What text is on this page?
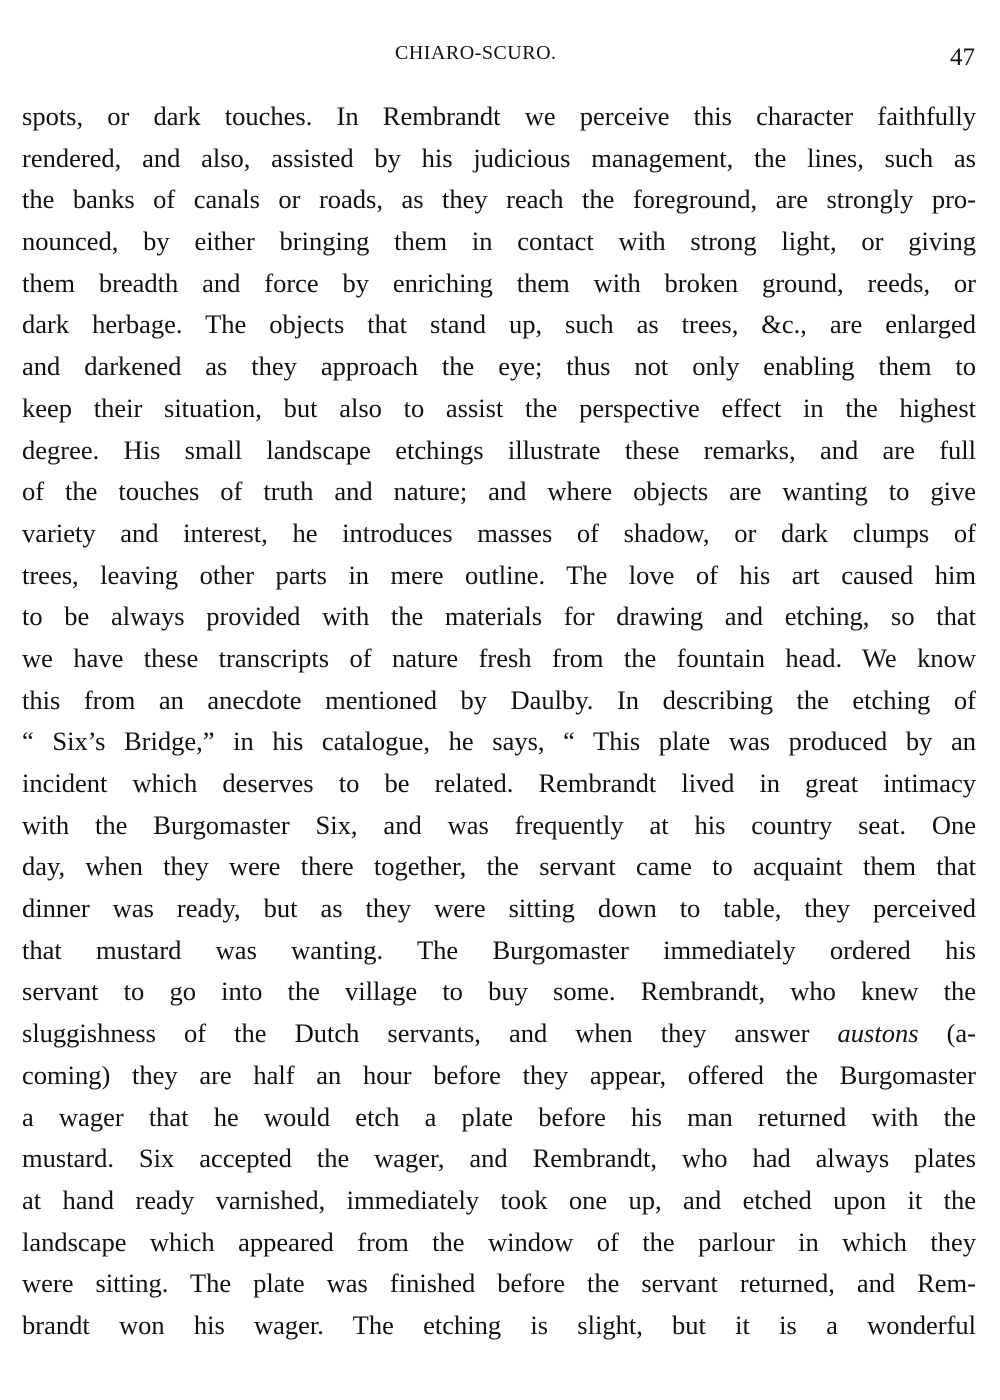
CHIARO-SCURO.	47
spots, or dark touches. In Rembrandt we perceive this character faithfully
rendered, and also, assisted by his judicious management, the lines, such as
the banks of canals or roads, as they reach the foreground, are strongly pro-
nounced, by either bringing them in contact with strong light, or giving
them breadth and force by enriching them with broken ground, reeds, or
dark herbage. The objects that stand up, such as trees, &c., are enlarged
and darkened as they approach the eye; thus not only enabling them to
keep their situation, but also to assist the perspective effect in the highest
degree. His small landscape etchings illustrate these remarks, and are full
of the touches of truth and nature; and where objects are wanting to give
variety and interest, he introduces masses of shadow, or dark clumps of
trees, leaving other parts in mere outline. The love of his art caused him
to be always provided with the materials for drawing and etching, so that
we have these transcripts of nature fresh from the fountain head. We know
this from an anecdote mentioned by Daulby. In describing the etching of
“ Six’s Bridge,” in his catalogue, he says, “ This plate was produced by an
incident which deserves to be related. Rembrandt lived in great intimacy
with the Burgomaster Six, and was frequently at his country seat. One
day, when they were there together, the servant came to acquaint them that
dinner was ready, but as they were sitting down to table, they perceived
that mustard was wanting. The Burgomaster immediately ordered his
servant to go into the village to buy some. Rembrandt, who knew the
sluggishness of the Dutch servants, and when they answer austons (a-
coming) they are half an hour before they appear, offered the Burgomaster
a wager that he would etch a plate before his man returned with the
mustard. Six accepted the wager, and Rembrandt, who had always plates
at hand ready varnished, immediately took one up, and etched upon it the
landscape which appeared from the window of the parlour in which they
were sitting. The plate was finished before the servant returned, and Rem-
brandt won his wager. The etching is slight, but it is a wonderful
